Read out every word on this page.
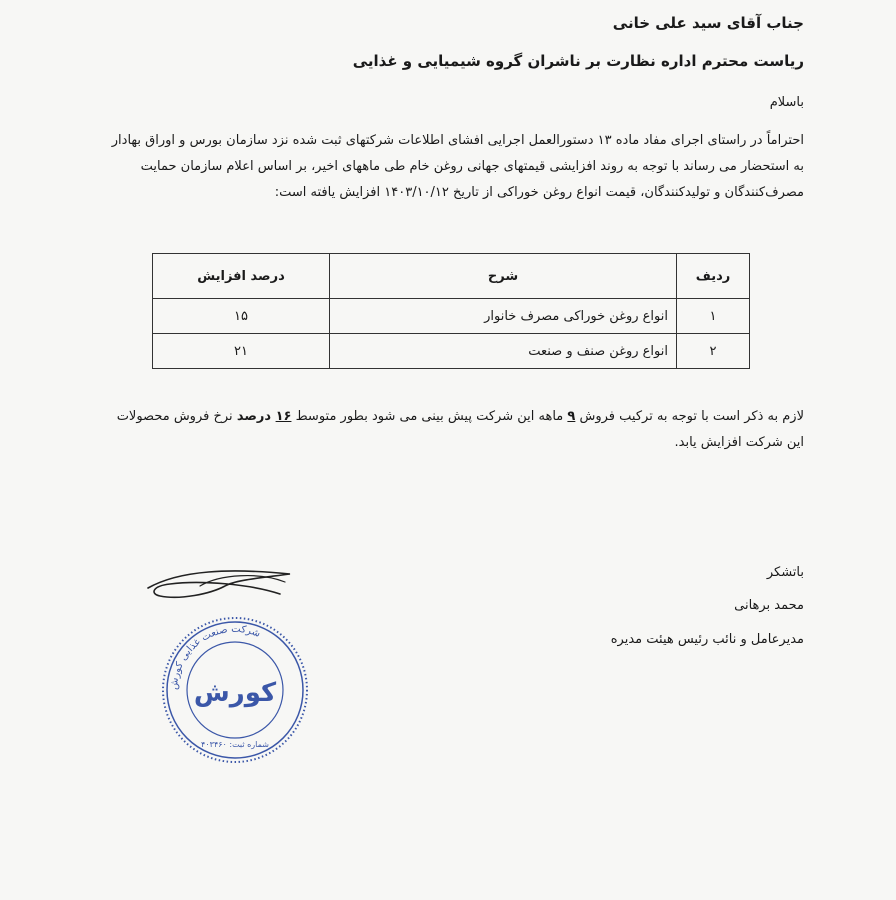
جناب آقای سید علی خانی
ریاست محترم اداره نظارت بر ناشران گروه شیمیایی و غذایی
باسلام
احتراماً در راستای اجرای مفاد ماده ۱۳ دستورالعمل اجرایی افشای اطلاعات شرکتهای ثبت شده نزد سازمان بورس و اوراق بهادار به استحضار می رساند با توجه به روند افزایشی قیمتهای جهانی روغن خام طی ماههای اخیر، بر اساس اعلام سازمان حمایت مصرف‌کنندگان و تولیدکنندگان، قیمت انواع روغن خوراکی از تاریخ ۱۴۰۳/۱۰/۱۲ افزایش یافته است:
ردیف	شرح	درصد افزایش
۱	انواع روغن خوراکی مصرف خانوار	۱۵
۲	انواع روغن صنف و صنعت	۲۱
لازم به ذکر است با توجه به ترکیب فروش ۹ ماهه این شرکت پیش بینی می شود بطور متوسط ۱۶ درصد نرخ فروش محصولات این شرکت افزایش یابد.
باتشکر
محمد برهانی
مدیرعامل و نائب رئیس هیئت مدیره
شرکت صنعت غذایی کورش
کورش
شماره ثبت: ۴۰۳۴۶۰
